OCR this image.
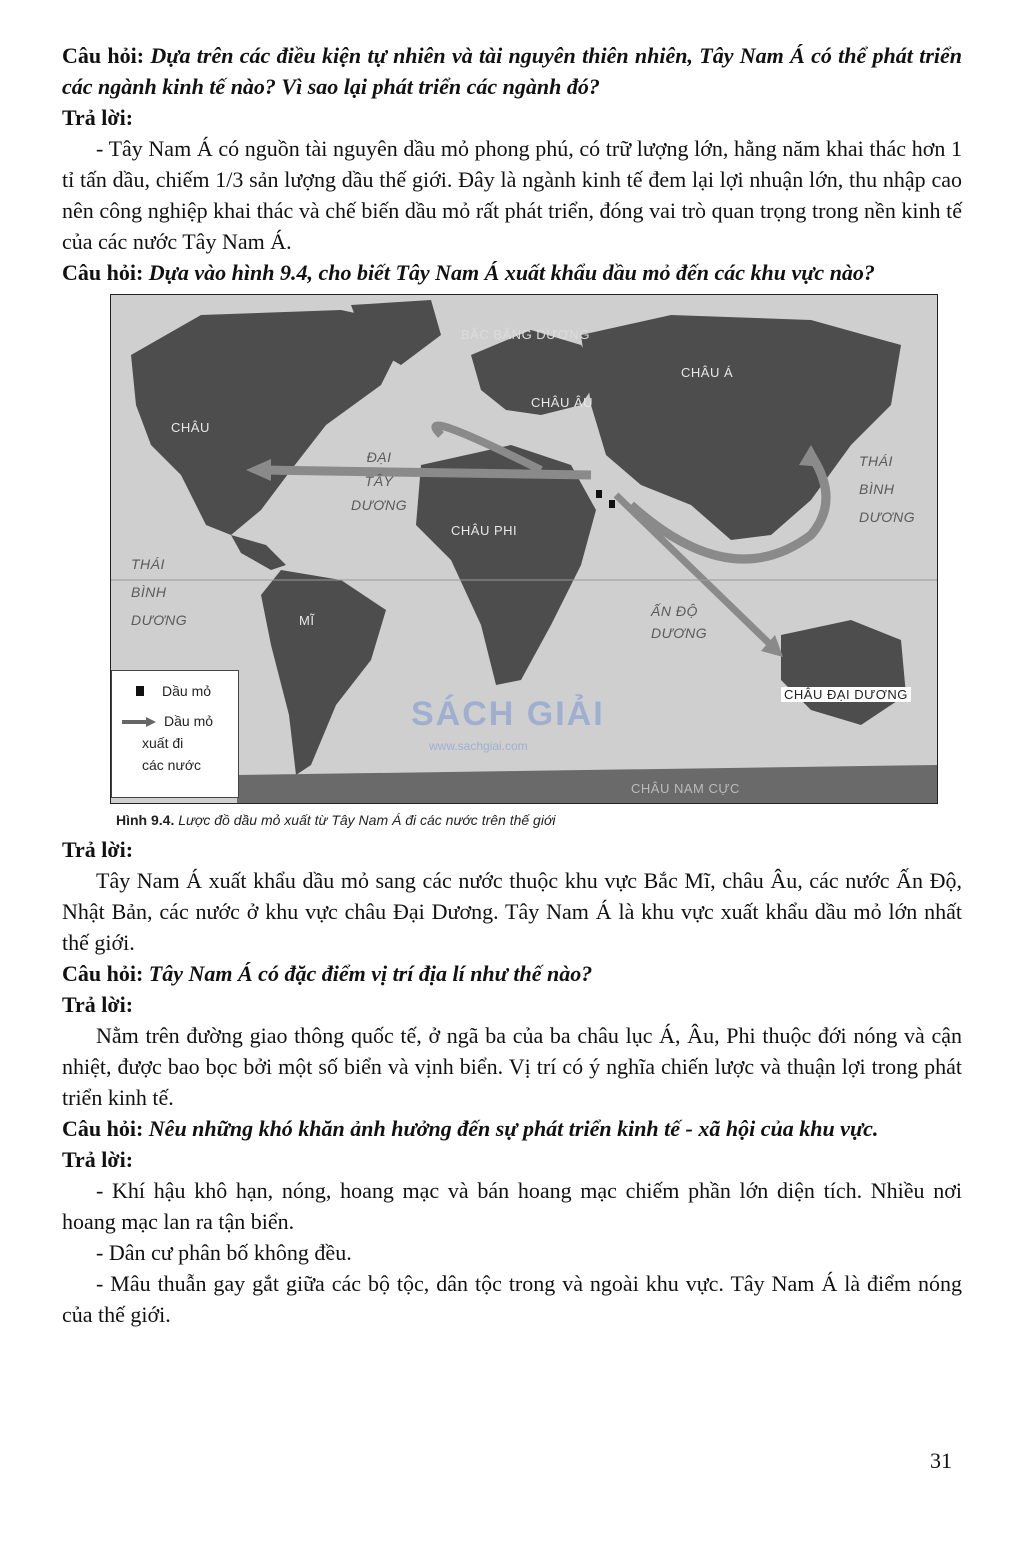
Câu hỏi: Dựa trên các điều kiện tự nhiên và tài nguyên thiên nhiên, Tây Nam Á có thể phát triển các ngành kinh tế nào? Vì sao lại phát triển các ngành đó?

Trả lời:

- Tây Nam Á có nguồn tài nguyên dầu mỏ phong phú, có trữ lượng lớn, hằng năm khai thác hơn 1 tỉ tấn dầu, chiếm 1/3 sản lượng dầu thế giới. Đây là ngành kinh tế đem lại lợi nhuận lớn, thu nhập cao nên công nghiệp khai thác và chế biến dầu mỏ rất phát triển, đóng vai trò quan trọng trong nền kinh tế của các nước Tây Nam Á.

Câu hỏi: Dựa vào hình 9.4, cho biết Tây Nam Á xuất khẩu dầu mỏ đến các khu vực nào?

BẮC BĂNG DƯƠNG
CHÂU Á
CHÂU ÂU
CHÂU
CHÂU PHI
MĨ
CHÂU ĐẠI DƯƠNG
CHÂU NAM CỰC
ĐẠI
TÂY
DƯƠNG
THÁI
BÌNH
DƯƠNG
THÁI
BÌNH
DƯƠNG
ẤN ĐỘ
DƯƠNG
SÁCH GIẢI
www.sachgiai.com
Dầu mỏ
Dầu mỏ
xuất đi
các nước
Hình 9.4. Lược đồ dầu mỏ xuất từ Tây Nam Á đi các nước trên thế giới

Trả lời:

Tây Nam Á xuất khẩu dầu mỏ sang các nước thuộc khu vực Bắc Mĩ, châu Âu, các nước Ấn Độ, Nhật Bản, các nước ở khu vực châu Đại Dương. Tây Nam Á là khu vực xuất khẩu dầu mỏ lớn nhất thế giới.

Câu hỏi: Tây Nam Á có đặc điểm vị trí địa lí như thế nào?

Trả lời:

Nằm trên đường giao thông quốc tế, ở ngã ba của ba châu lục Á, Âu, Phi thuộc đới nóng và cận nhiệt, được bao bọc bởi một số biển và vịnh biển. Vị trí có ý nghĩa chiến lược và thuận lợi trong phát triển kinh tế.

Câu hỏi: Nêu những khó khăn ảnh hưởng đến sự phát triển kinh tế - xã hội của khu vực.

Trả lời:

- Khí hậu khô hạn, nóng, hoang mạc và bán hoang mạc chiếm phần lớn diện tích. Nhiều nơi hoang mạc lan ra tận biển.

- Dân cư phân bố không đều.

- Mâu thuẫn gay gắt giữa các bộ tộc, dân tộc trong và ngoài khu vực. Tây Nam Á là điểm nóng của thế giới.

31
